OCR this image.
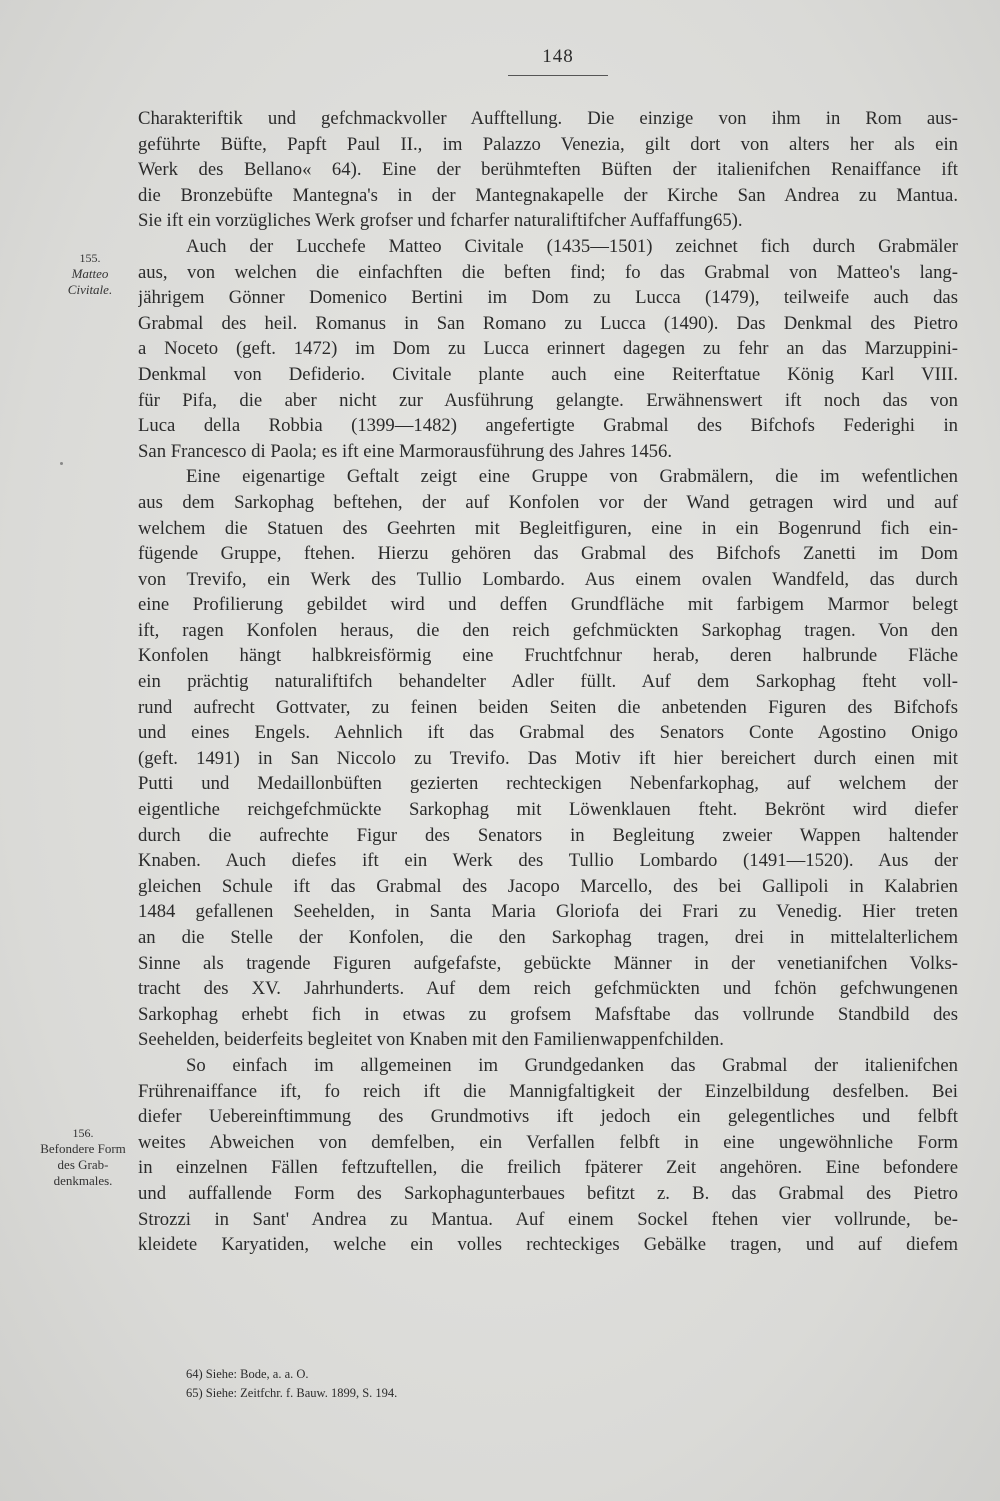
148
155.
Matteo
Civitale.
156.
Befondere Form
des Grab-
denkmales.
Charakteriftik und gefchmackvoller Aufftellung. Die einzige von ihm in Rom aus-
geführte Büfte, Papft Paul II., im Palazzo Venezia, gilt dort von alters her als ein
Werk des Bellano« 64). Eine der berühmteften Büften der italienifchen Renaiffance ift
die Bronzebüfte Mantegna's in der Mantegnakapelle der Kirche San Andrea zu Mantua.
Sie ift ein vorzügliches Werk grofser und fcharfer naturaliftifcher Auffaffung65).
Auch der Lucchefe Matteo Civitale (1435—1501) zeichnet fich durch Grabmäler
aus, von welchen die einfachften die beften find; fo das Grabmal von Matteo's lang-
jährigem Gönner Domenico Bertini im Dom zu Lucca (1479), teilweife auch das
Grabmal des heil. Romanus in San Romano zu Lucca (1490). Das Denkmal des Pietro
a Noceto (geft. 1472) im Dom zu Lucca erinnert dagegen zu fehr an das Marzuppini-
Denkmal von Defiderio. Civitale plante auch eine Reiterftatue König Karl VIII.
für Pifa, die aber nicht zur Ausführung gelangte. Erwähnenswert ift noch das von
Luca della Robbia (1399—1482) angefertigte Grabmal des Bifchofs Federighi in
San Francesco di Paola; es ift eine Marmorausführung des Jahres 1456.
Eine eigenartige Geftalt zeigt eine Gruppe von Grabmälern, die im wefentlichen
aus dem Sarkophag beftehen, der auf Konfolen vor der Wand getragen wird und auf
welchem die Statuen des Geehrten mit Begleitfiguren, eine in ein Bogenrund fich ein-
fügende Gruppe, ftehen. Hierzu gehören das Grabmal des Bifchofs Zanetti im Dom
von Trevifo, ein Werk des Tullio Lombardo. Aus einem ovalen Wandfeld, das durch
eine Profilierung gebildet wird und deffen Grundfläche mit farbigem Marmor belegt
ift, ragen Konfolen heraus, die den reich gefchmückten Sarkophag tragen. Von den
Konfolen hängt halbkreisförmig eine Fruchtfchnur herab, deren halbrunde Fläche
ein prächtig naturaliftifch behandelter Adler füllt. Auf dem Sarkophag fteht voll-
rund aufrecht Gottvater, zu feinen beiden Seiten die anbetenden Figuren des Bifchofs
und eines Engels. Aehnlich ift das Grabmal des Senators Conte Agostino Onigo
(geft. 1491) in San Niccolo zu Trevifo. Das Motiv ift hier bereichert durch einen mit
Putti und Medaillonbüften gezierten rechteckigen Nebenfarkophag, auf welchem der
eigentliche reichgefchmückte Sarkophag mit Löwenklauen fteht. Bekrönt wird diefer
durch die aufrechte Figur des Senators in Begleitung zweier Wappen haltender
Knaben. Auch diefes ift ein Werk des Tullio Lombardo (1491—1520). Aus der
gleichen Schule ift das Grabmal des Jacopo Marcello, des bei Gallipoli in Kalabrien
1484 gefallenen Seehelden, in Santa Maria Gloriofa dei Frari zu Venedig. Hier treten
an die Stelle der Konfolen, die den Sarkophag tragen, drei in mittelalterlichem
Sinne als tragende Figuren aufgefafste, gebückte Männer in der venetianifchen Volks-
tracht des XV. Jahrhunderts. Auf dem reich gefchmückten und fchön gefchwungenen
Sarkophag erhebt fich in etwas zu grofsem Mafsftabe das vollrunde Standbild des
Seehelden, beiderfeits begleitet von Knaben mit den Familienwappenfchilden.
So einfach im allgemeinen im Grundgedanken das Grabmal der italienifchen
Frührenaiffance ift, fo reich ift die Mannigfaltigkeit der Einzelbildung desfelben. Bei
diefer Uebereinftimmung des Grundmotivs ift jedoch ein gelegentliches und felbft
weites Abweichen von demfelben, ein Verfallen felbft in eine ungewöhnliche Form
in einzelnen Fällen feftzuftellen, die freilich fpäterer Zeit angehören. Eine befondere
und auffallende Form des Sarkophagunterbaues befitzt z. B. das Grabmal des Pietro
Strozzi in Sant' Andrea zu Mantua. Auf einem Sockel ftehen vier vollrunde, be-
kleidete Karyatiden, welche ein volles rechteckiges Gebälke tragen, und auf diefem
64) Siehe: Bode, a. a. O.
65) Siehe: Zeitfchr. f. Bauw. 1899, S. 194.
